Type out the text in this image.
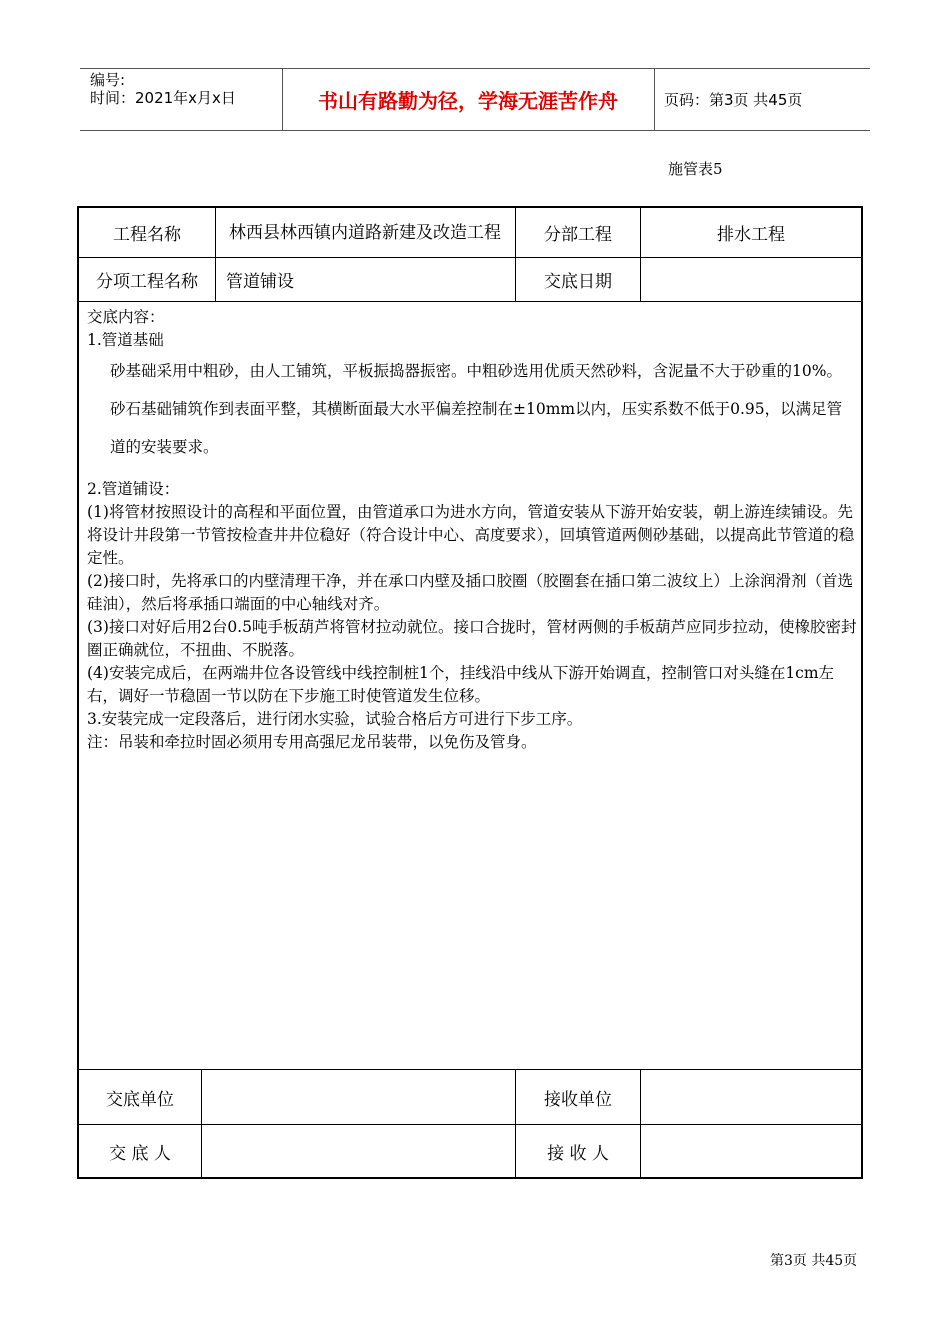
编号:
时间：2021年x月x日	书山有路勤为径，学海无涯苦作舟	页码：第3页 共45页
施管表5
工程名称	林西县林西镇内道路新建及改造工程	分部工程	排水工程
分项工程名称	管道铺设	交底日期

交底内容：

1.管道基础

砂基础采用中粗砂，由人工铺筑，平板振捣器振密。中粗砂选用优质天然砂料，含泥量不大于砂重的10%。砂石基础铺筑作到表面平整，其横断面最大水平偏差控制在±10mm以内，压实系数不低于0.95，以满足管道的安装要求。

2.管道铺设：

(1)将管材按照设计的高程和平面位置，由管道承口为进水方向，管道安装从下游开始安装，朝上游连续铺设。先将设计井段第一节管按检查井井位稳好（符合设计中心、高度要求），回填管道两侧砂基础，以提高此节管道的稳定性。

(2)接口时，先将承口的内壁清理干净，并在承口内壁及插口胶圈（胶圈套在插口第二波纹上）上涂润滑剂（首选硅油），然后将承插口端面的中心轴线对齐。

(3)接口对好后用2台0.5吨手板葫芦将管材拉动就位。接口合拢时，管材两侧的手板葫芦应同步拉动，使橡胶密封圈正确就位，不扭曲、不脱落。

(4)安装完成后，在两端井位各设管线中线控制桩1个，挂线沿中线从下游开始调直，控制管口对头缝在1cm左右，调好一节稳固一节以防在下步施工时使管道发生位移。

3.安装完成一定段落后，进行闭水实验，试验合格后方可进行下步工序。

注：吊装和牵拉时固必须用专用高强尼龙吊装带，以免伤及管身。

交底单位	接收单位
交 底 人	接 收 人
第3页 共45页
